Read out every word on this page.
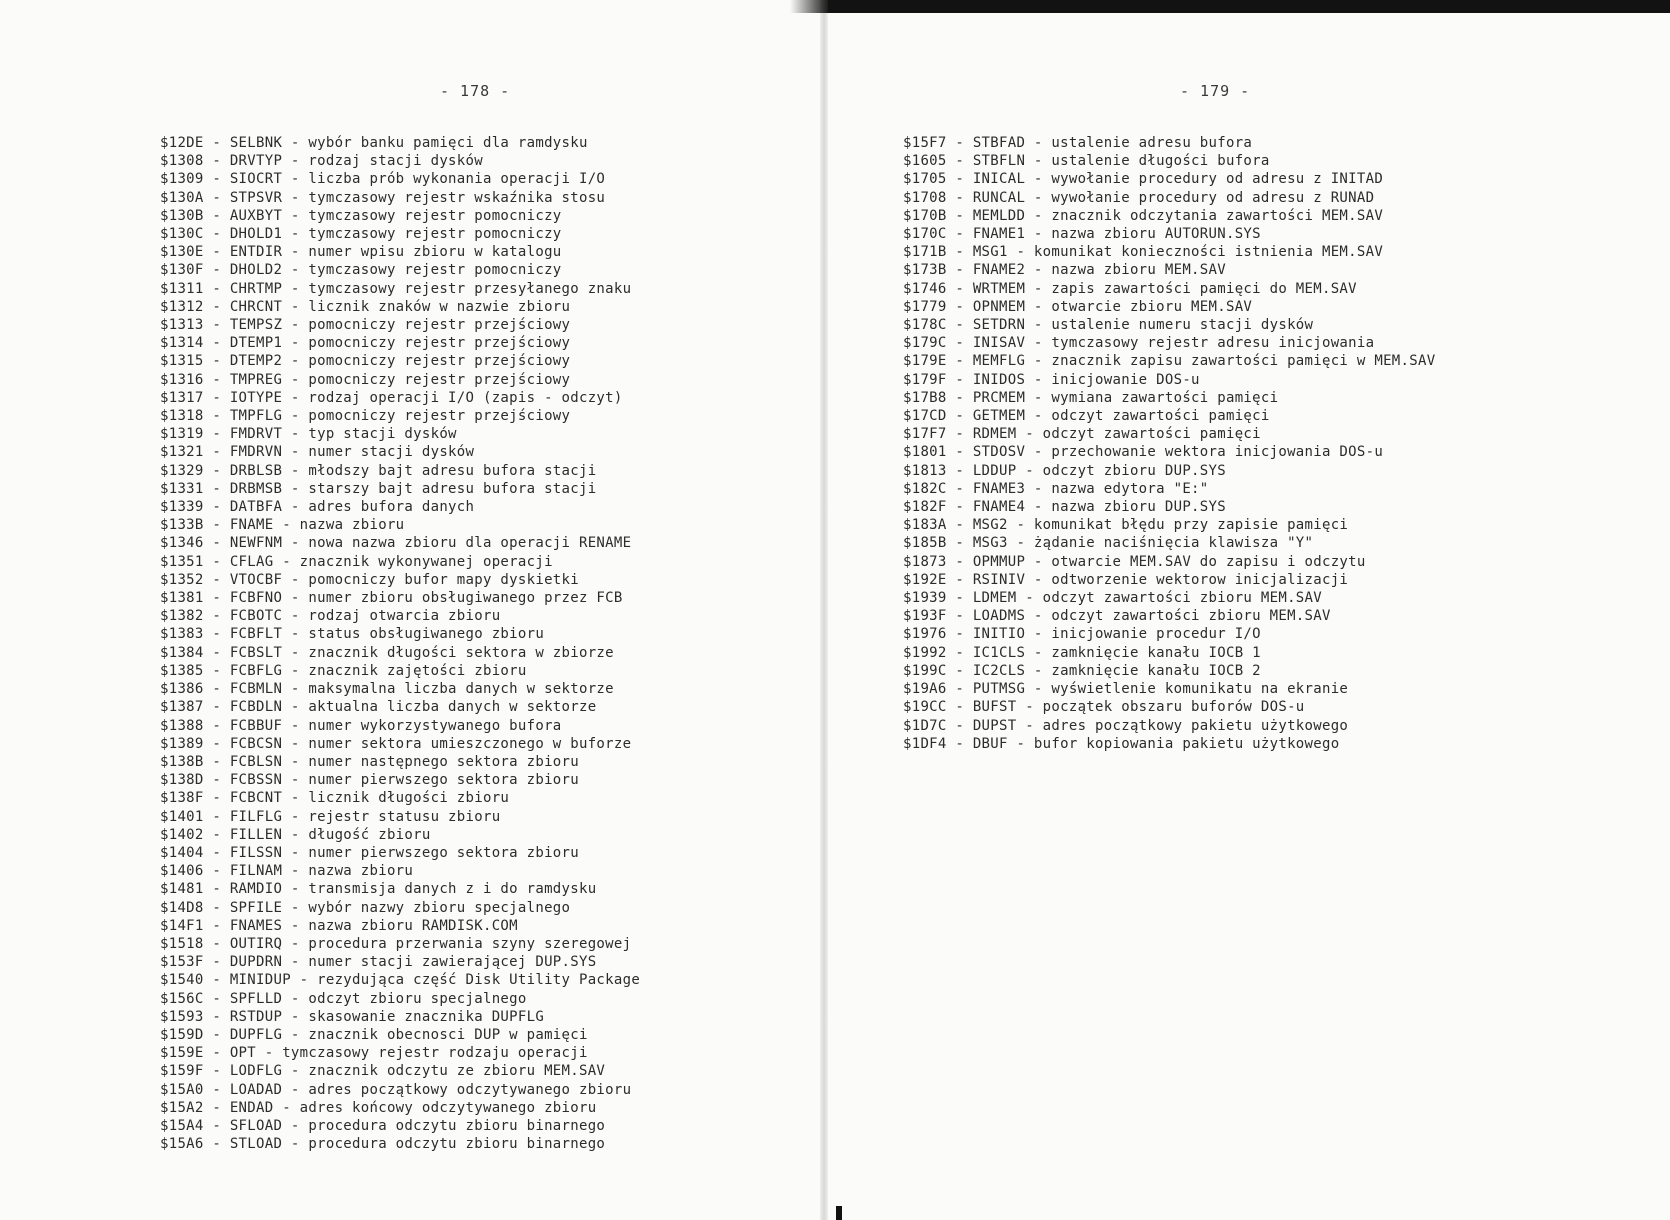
- 178 -
$12DE - SELBNK - wybór banku pamięci dla ramdysku
$1308 - DRVTYP - rodzaj stacji dysków
$1309 - SIOCRT - liczba prób wykonania operacji I/O
$130A - STPSVR - tymczasowy rejestr wskaźnika stosu
$130B - AUXBYT - tymczasowy rejestr pomocniczy
$130C - DHOLD1 - tymczasowy rejestr pomocniczy
$130E - ENTDIR - numer wpisu zbioru w katalogu
$130F - DHOLD2 - tymczasowy rejestr pomocniczy
$1311 - CHRTMP - tymczasowy rejestr przesyłanego znaku
$1312 - CHRCNT - licznik znaków w nazwie zbioru
$1313 - TEMPSZ - pomocniczy rejestr przejściowy
$1314 - DTEMP1 - pomocniczy rejestr przejściowy
$1315 - DTEMP2 - pomocniczy rejestr przejściowy
$1316 - TMPREG - pomocniczy rejestr przejściowy
$1317 - IOTYPE - rodzaj operacji I/O (zapis - odczyt)
$1318 - TMPFLG - pomocniczy rejestr przejściowy
$1319 - FMDRVT - typ stacji dysków
$1321 - FMDRVN - numer stacji dysków
$1329 - DRBLSB - młodszy bajt adresu bufora stacji
$1331 - DRBMSB - starszy bajt adresu bufora stacji
$1339 - DATBFA - adres bufora danych
$133B - FNAME - nazwa zbioru
$1346 - NEWFNM - nowa nazwa zbioru dla operacji RENAME
$1351 - CFLAG - znacznik wykonywanej operacji
$1352 - VTOCBF - pomocniczy bufor mapy dyskietki
$1381 - FCBFNO - numer zbioru obsługiwanego przez FCB
$1382 - FCBOTC - rodzaj otwarcia zbioru
$1383 - FCBFLT - status obsługiwanego zbioru
$1384 - FCBSLT - znacznik długości sektora w zbiorze
$1385 - FCBFLG - znacznik zajętości zbioru
$1386 - FCBMLN - maksymalna liczba danych w sektorze
$1387 - FCBDLN - aktualna liczba danych w sektorze
$1388 - FCBBUF - numer wykorzystywanego bufora
$1389 - FCBCSN - numer sektora umieszczonego w buforze
$138B - FCBLSN - numer następnego sektora zbioru
$138D - FCBSSN - numer pierwszego sektora zbioru
$138F - FCBCNT - licznik długości zbioru
$1401 - FILFLG - rejestr statusu zbioru
$1402 - FILLEN - długość zbioru
$1404 - FILSSN - numer pierwszego sektora zbioru
$1406 - FILNAM - nazwa zbioru
$1481 - RAMDIO - transmisja danych z i do ramdysku
$14D8 - SPFILE - wybór nazwy zbioru specjalnego
$14F1 - FNAMES - nazwa zbioru RAMDISK.COM
$1518 - OUTIRQ - procedura przerwania szyny szeregowej
$153F - DUPDRN - numer stacji zawierającej DUP.SYS
$1540 - MINIDUP - rezydująca część Disk Utility Package
$156C - SPFLLD - odczyt zbioru specjalnego
$1593 - RSTDUP - skasowanie znacznika DUPFLG
$159D - DUPFLG - znacznik obecnosci DUP w pamięci
$159E - OPT - tymczasowy rejestr rodzaju operacji
$159F - LODFLG - znacznik odczytu ze zbioru MEM.SAV
$15A0 - LOADAD - adres początkowy odczytywanego zbioru
$15A2 - ENDAD - adres końcowy odczytywanego zbioru
$15A4 - SFLOAD - procedura odczytu zbioru binarnego
$15A6 - STLOAD - procedura odczytu zbioru binarnego
- 179 -
$15F7 - STBFAD - ustalenie adresu bufora
$1605 - STBFLN - ustalenie długości bufora
$1705 - INICAL - wywołanie procedury od adresu z INITAD
$1708 - RUNCAL - wywołanie procedury od adresu z RUNAD
$170B - MEMLDD - znacznik odczytania zawartości MEM.SAV
$170C - FNAME1 - nazwa zbioru AUTORUN.SYS
$171B - MSG1 - komunikat konieczności istnienia MEM.SAV
$173B - FNAME2 - nazwa zbioru MEM.SAV
$1746 - WRTMEM - zapis zawartości pamięci do MEM.SAV
$1779 - OPNMEM - otwarcie zbioru MEM.SAV
$178C - SETDRN - ustalenie numeru stacji dysków
$179C - INISAV - tymczasowy rejestr adresu inicjowania
$179E - MEMFLG - znacznik zapisu zawartości pamięci w MEM.SAV
$179F - INIDOS - inicjowanie DOS-u
$17B8 - PRCMEM - wymiana zawartości pamięci
$17CD - GETMEM - odczyt zawartości pamięci
$17F7 - RDMEM - odczyt zawartości pamięci
$1801 - STDOSV - przechowanie wektora inicjowania DOS-u
$1813 - LDDUP - odczyt zbioru DUP.SYS
$182C - FNAME3 - nazwa edytora "E:"
$182F - FNAME4 - nazwa zbioru DUP.SYS
$183A - MSG2 - komunikat błędu przy zapisie pamięci
$185B - MSG3 - żądanie naciśnięcia klawisza "Y"
$1873 - OPMMUP - otwarcie MEM.SAV do zapisu i odczytu
$192E - RSINIV - odtworzenie wektorow inicjalizacji
$1939 - LDMEM - odczyt zawartości zbioru MEM.SAV
$193F - LOADMS - odczyt zawartości zbioru MEM.SAV
$1976 - INITIO - inicjowanie procedur I/O
$1992 - IC1CLS - zamknięcie kanału IOCB 1
$199C - IC2CLS - zamknięcie kanału IOCB 2
$19A6 - PUTMSG - wyświetlenie komunikatu na ekranie
$19CC - BUFST - początek obszaru buforów DOS-u
$1D7C - DUPST - adres początkowy pakietu użytkowego
$1DF4 - DBUF - bufor kopiowania pakietu użytkowego
